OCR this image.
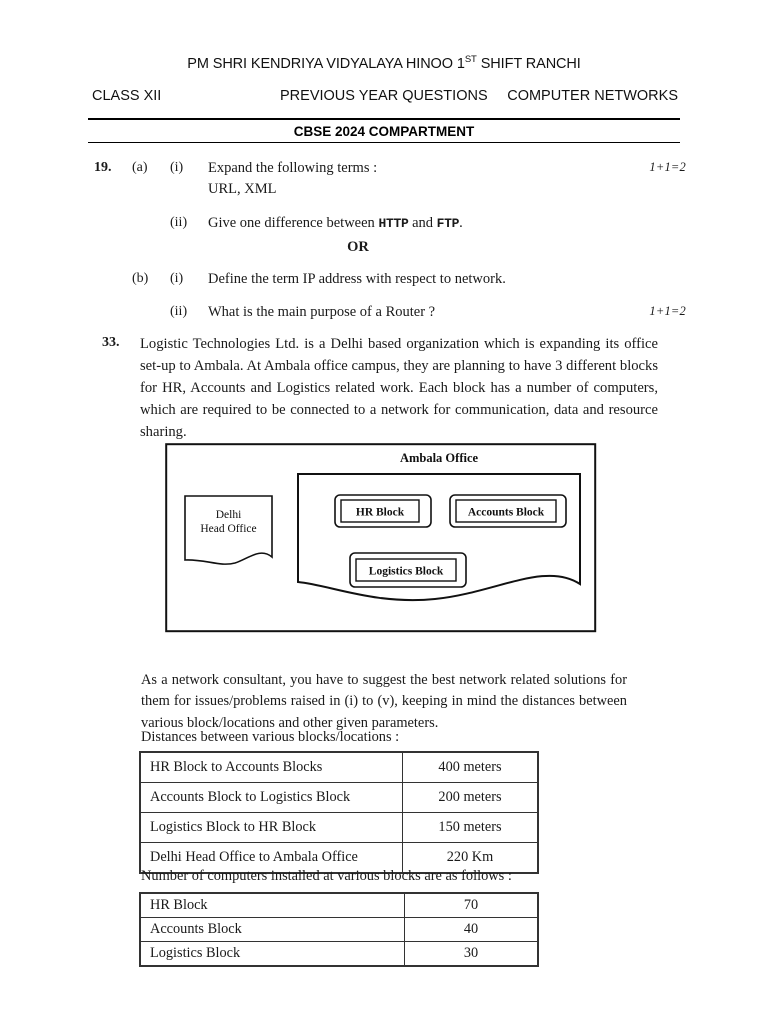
PM SHRI KENDRIYA VIDYALAYA HINOO 1ST SHIFT RANCHI
CLASS XII	PREVIOUS YEAR QUESTIONS COMPUTER NETWORKS
CBSE 2024 COMPARTMENT
19. (a) (i)	1+1=2
Expand the following terms :
URL, XML
(ii) Give one difference between HTTP and FTP.
OR
(b) (i) Define the term IP address with respect to network.
(ii)	1+1=2
What is the main purpose of a Router ?
33. Logistic Technologies Ltd. is a Delhi based organization which is expanding its office set-up to Ambala. At Ambala office campus, they are planning to have 3 different blocks for HR, Accounts and Logistics related work. Each block has a number of computers, which are required to be connected to a network for communication, data and resource sharing.
Delhi
Head Office
Ambala Office
HR Block	Accounts Block
Logistics Block
As a network consultant, you have to suggest the best network related solutions for them for issues/problems raised in (i) to (v), keeping in mind the distances between various block/locations and other given parameters.
Distances between various blocks/locations :
HR Block to Accounts Blocks	400 meters
Accounts Block to Logistics Block	200 meters
Logistics Block to HR Block	150 meters
Delhi Head Office to Ambala Office	220 Km
Number of computers installed at various blocks are as follows :
HR Block	70
Accounts Block	40
Logistics Block	30
